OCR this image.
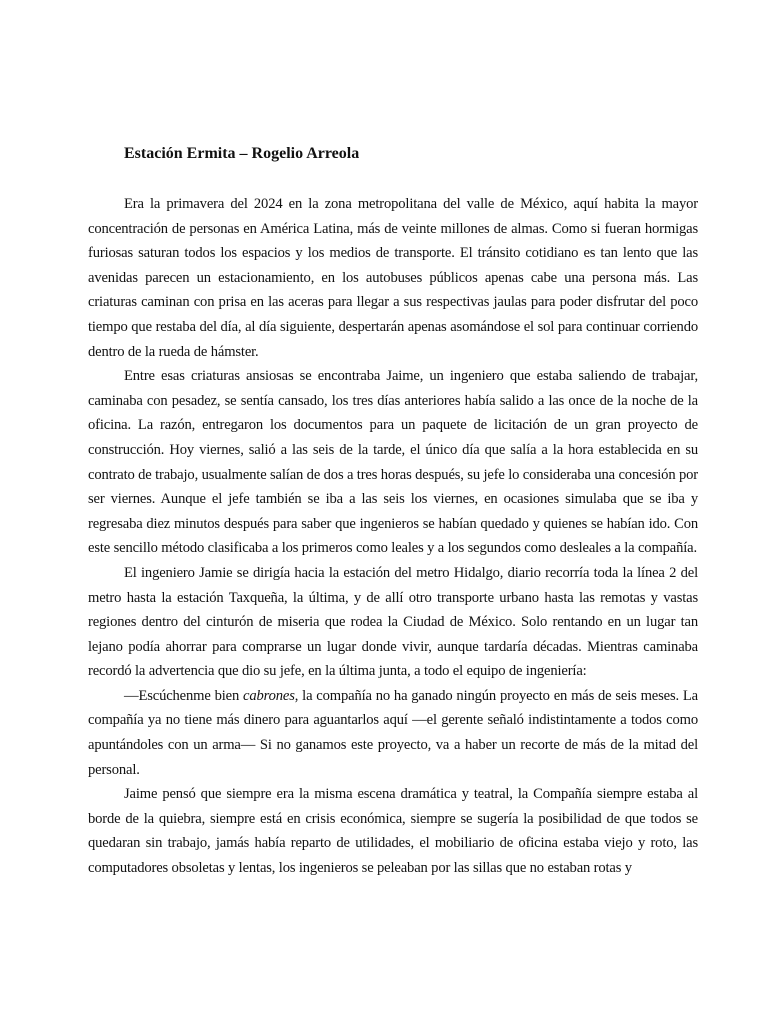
Estación Ermita – Rogelio Arreola

Era la primavera del 2024 en la zona metropolitana del valle de México, aquí habita la mayor concentración de personas en América Latina, más de veinte millones de almas. Como si fueran hormigas furiosas saturan todos los espacios y los medios de transporte. El tránsito cotidiano es tan lento que las avenidas parecen un estacionamiento, en los autobuses públicos apenas cabe una persona más. Las criaturas caminan con prisa en las aceras para llegar a sus respectivas jaulas para poder disfrutar del poco tiempo que restaba del día, al día siguiente, despertarán apenas asomándose el sol para continuar corriendo dentro de la rueda de hámster.

Entre esas criaturas ansiosas se encontraba Jaime, un ingeniero que estaba saliendo de trabajar, caminaba con pesadez, se sentía cansado, los tres días anteriores había salido a las once de la noche de la oficina. La razón, entregaron los documentos para un paquete de licitación de un gran proyecto de construcción. Hoy viernes, salió a las seis de la tarde, el único día que salía a la hora establecida en su contrato de trabajo, usualmente salían de dos a tres horas después, su jefe lo consideraba una concesión por ser viernes. Aunque el jefe también se iba a las seis los viernes, en ocasiones simulaba que se iba y regresaba diez minutos después para saber que ingenieros se habían quedado y quienes se habían ido. Con este sencillo método clasificaba a los primeros como leales y a los segundos como desleales a la compañía.

El ingeniero Jamie se dirigía hacia la estación del metro Hidalgo, diario recorría toda la línea 2 del metro hasta la estación Taxqueña, la última, y de allí otro transporte urbano hasta las remotas y vastas regiones dentro del cinturón de miseria que rodea la Ciudad de México. Solo rentando en un lugar tan lejano podía ahorrar para comprarse un lugar donde vivir, aunque tardaría décadas. Mientras caminaba recordó la advertencia que dio su jefe, en la última junta, a todo el equipo de ingeniería:

—Escúchenme bien cabrones, la compañía no ha ganado ningún proyecto en más de seis meses. La compañía ya no tiene más dinero para aguantarlos aquí —el gerente señaló indistintamente a todos como apuntándoles con un arma— Si no ganamos este proyecto, va a haber un recorte de más de la mitad del personal.

Jaime pensó que siempre era la misma escena dramática y teatral, la Compañía siempre estaba al borde de la quiebra, siempre está en crisis económica, siempre se sugería la posibilidad de que todos se quedaran sin trabajo, jamás había reparto de utilidades, el mobiliario de oficina estaba viejo y roto, las computadores obsoletas y lentas, los ingenieros se peleaban por las sillas que no estaban rotas y
